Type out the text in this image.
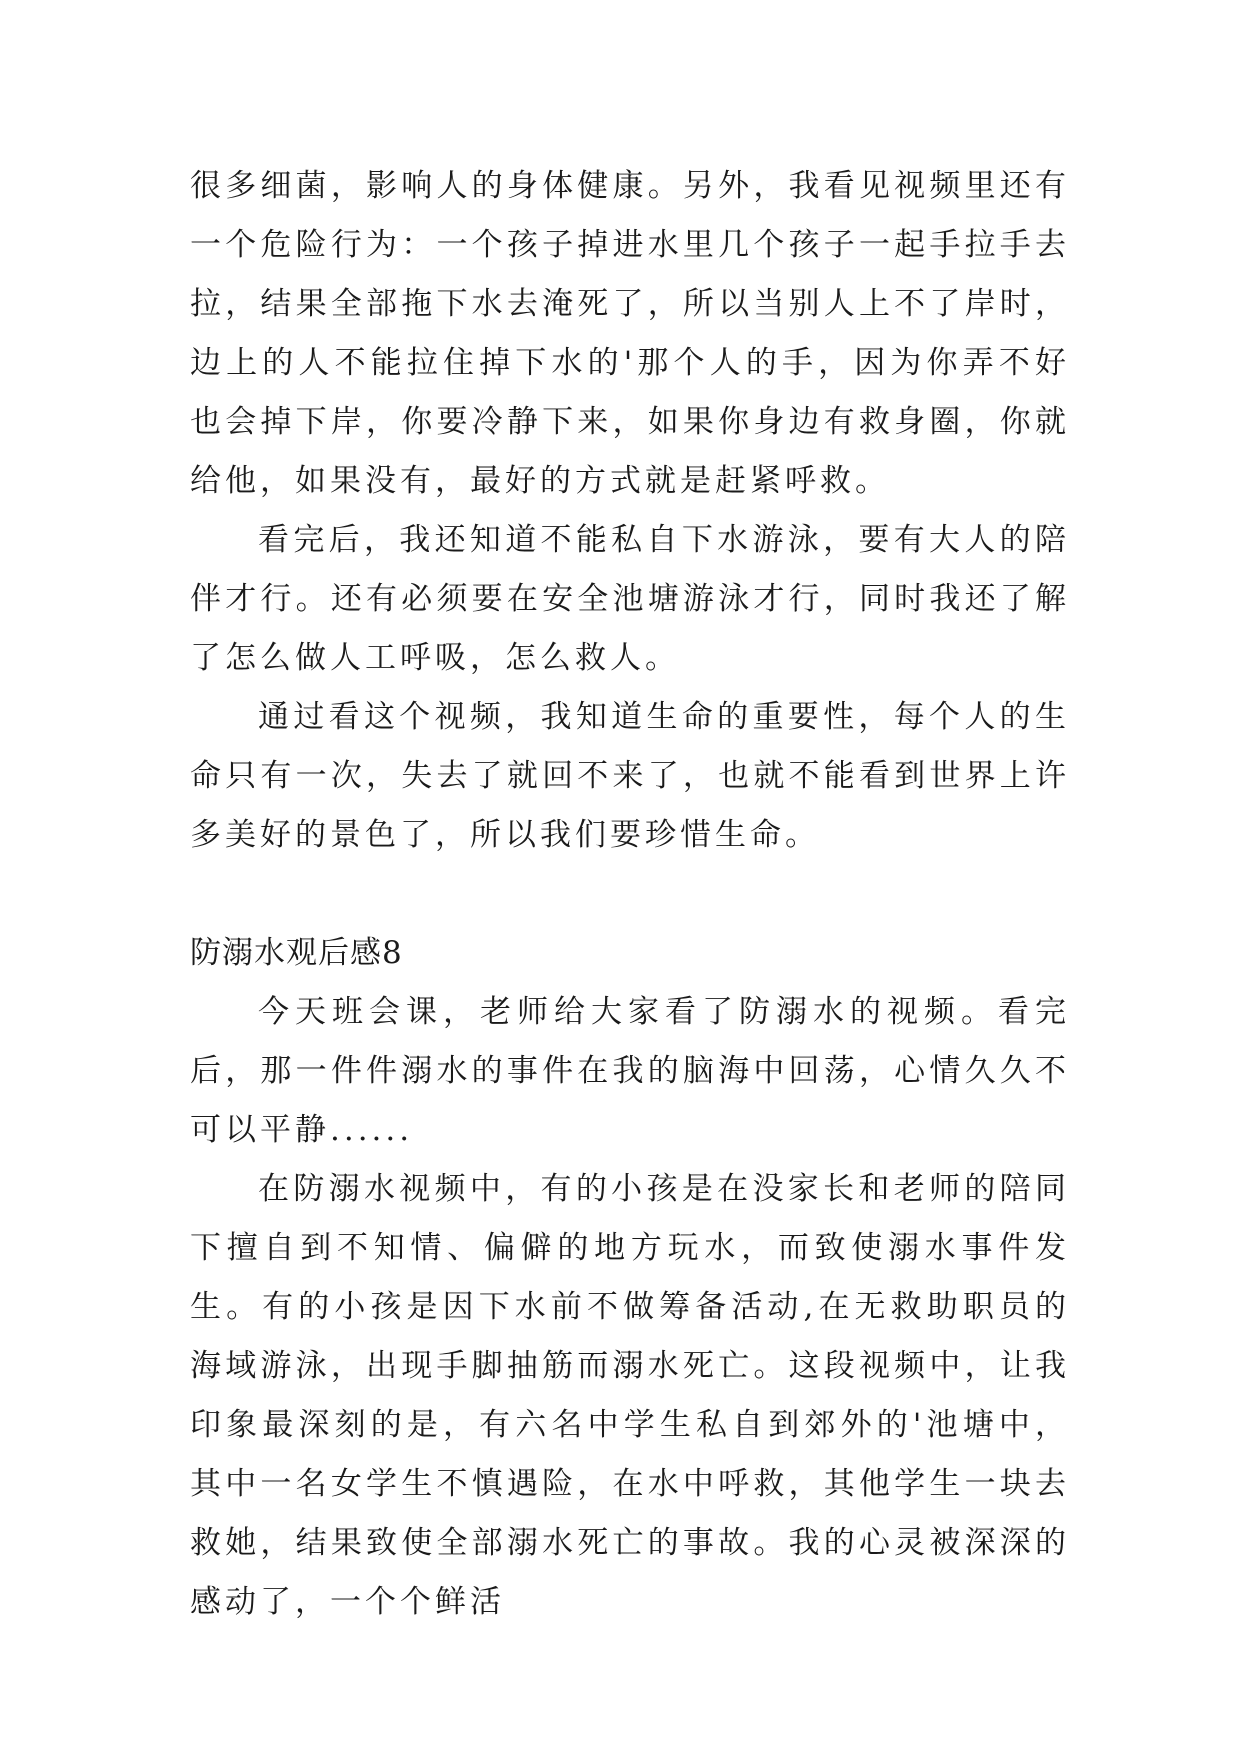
很多细菌，影响人的身体健康。另外，我看见视频里还有一个危险行为：一个孩子掉进水里几个孩子一起手拉手去拉，结果全部拖下水去淹死了，所以当别人上不了岸时，边上的人不能拉住掉下水的'那个人的手，因为你弄不好也会掉下岸，你要冷静下来，如果你身边有救身圈，你就给他，如果没有，最好的方式就是赶紧呼救。

看完后，我还知道不能私自下水游泳，要有大人的陪伴才行。还有必须要在安全池塘游泳才行，同时我还了解了怎么做人工呼吸，怎么救人。

通过看这个视频，我知道生命的重要性，每个人的生命只有一次，失去了就回不来了，也就不能看到世界上许多美好的景色了，所以我们要珍惜生命。

防溺水观后感8

今天班会课，老师给大家看了防溺水的视频。看完后，那一件件溺水的事件在我的脑海中回荡，心情久久不可以平静......

在防溺水视频中，有的小孩是在没家长和老师的陪同下擅自到不知情、偏僻的地方玩水，而致使溺水事件发生。有的小孩是因下水前不做筹备活动,在无救助职员的海域游泳，出现手脚抽筋而溺水死亡。这段视频中，让我印象最深刻的是，有六名中学生私自到郊外的'池塘中，其中一名女学生不慎遇险，在水中呼救，其他学生一块去救她，结果致使全部溺水死亡的事故。我的心灵被深深的感动了，一个个鲜活
